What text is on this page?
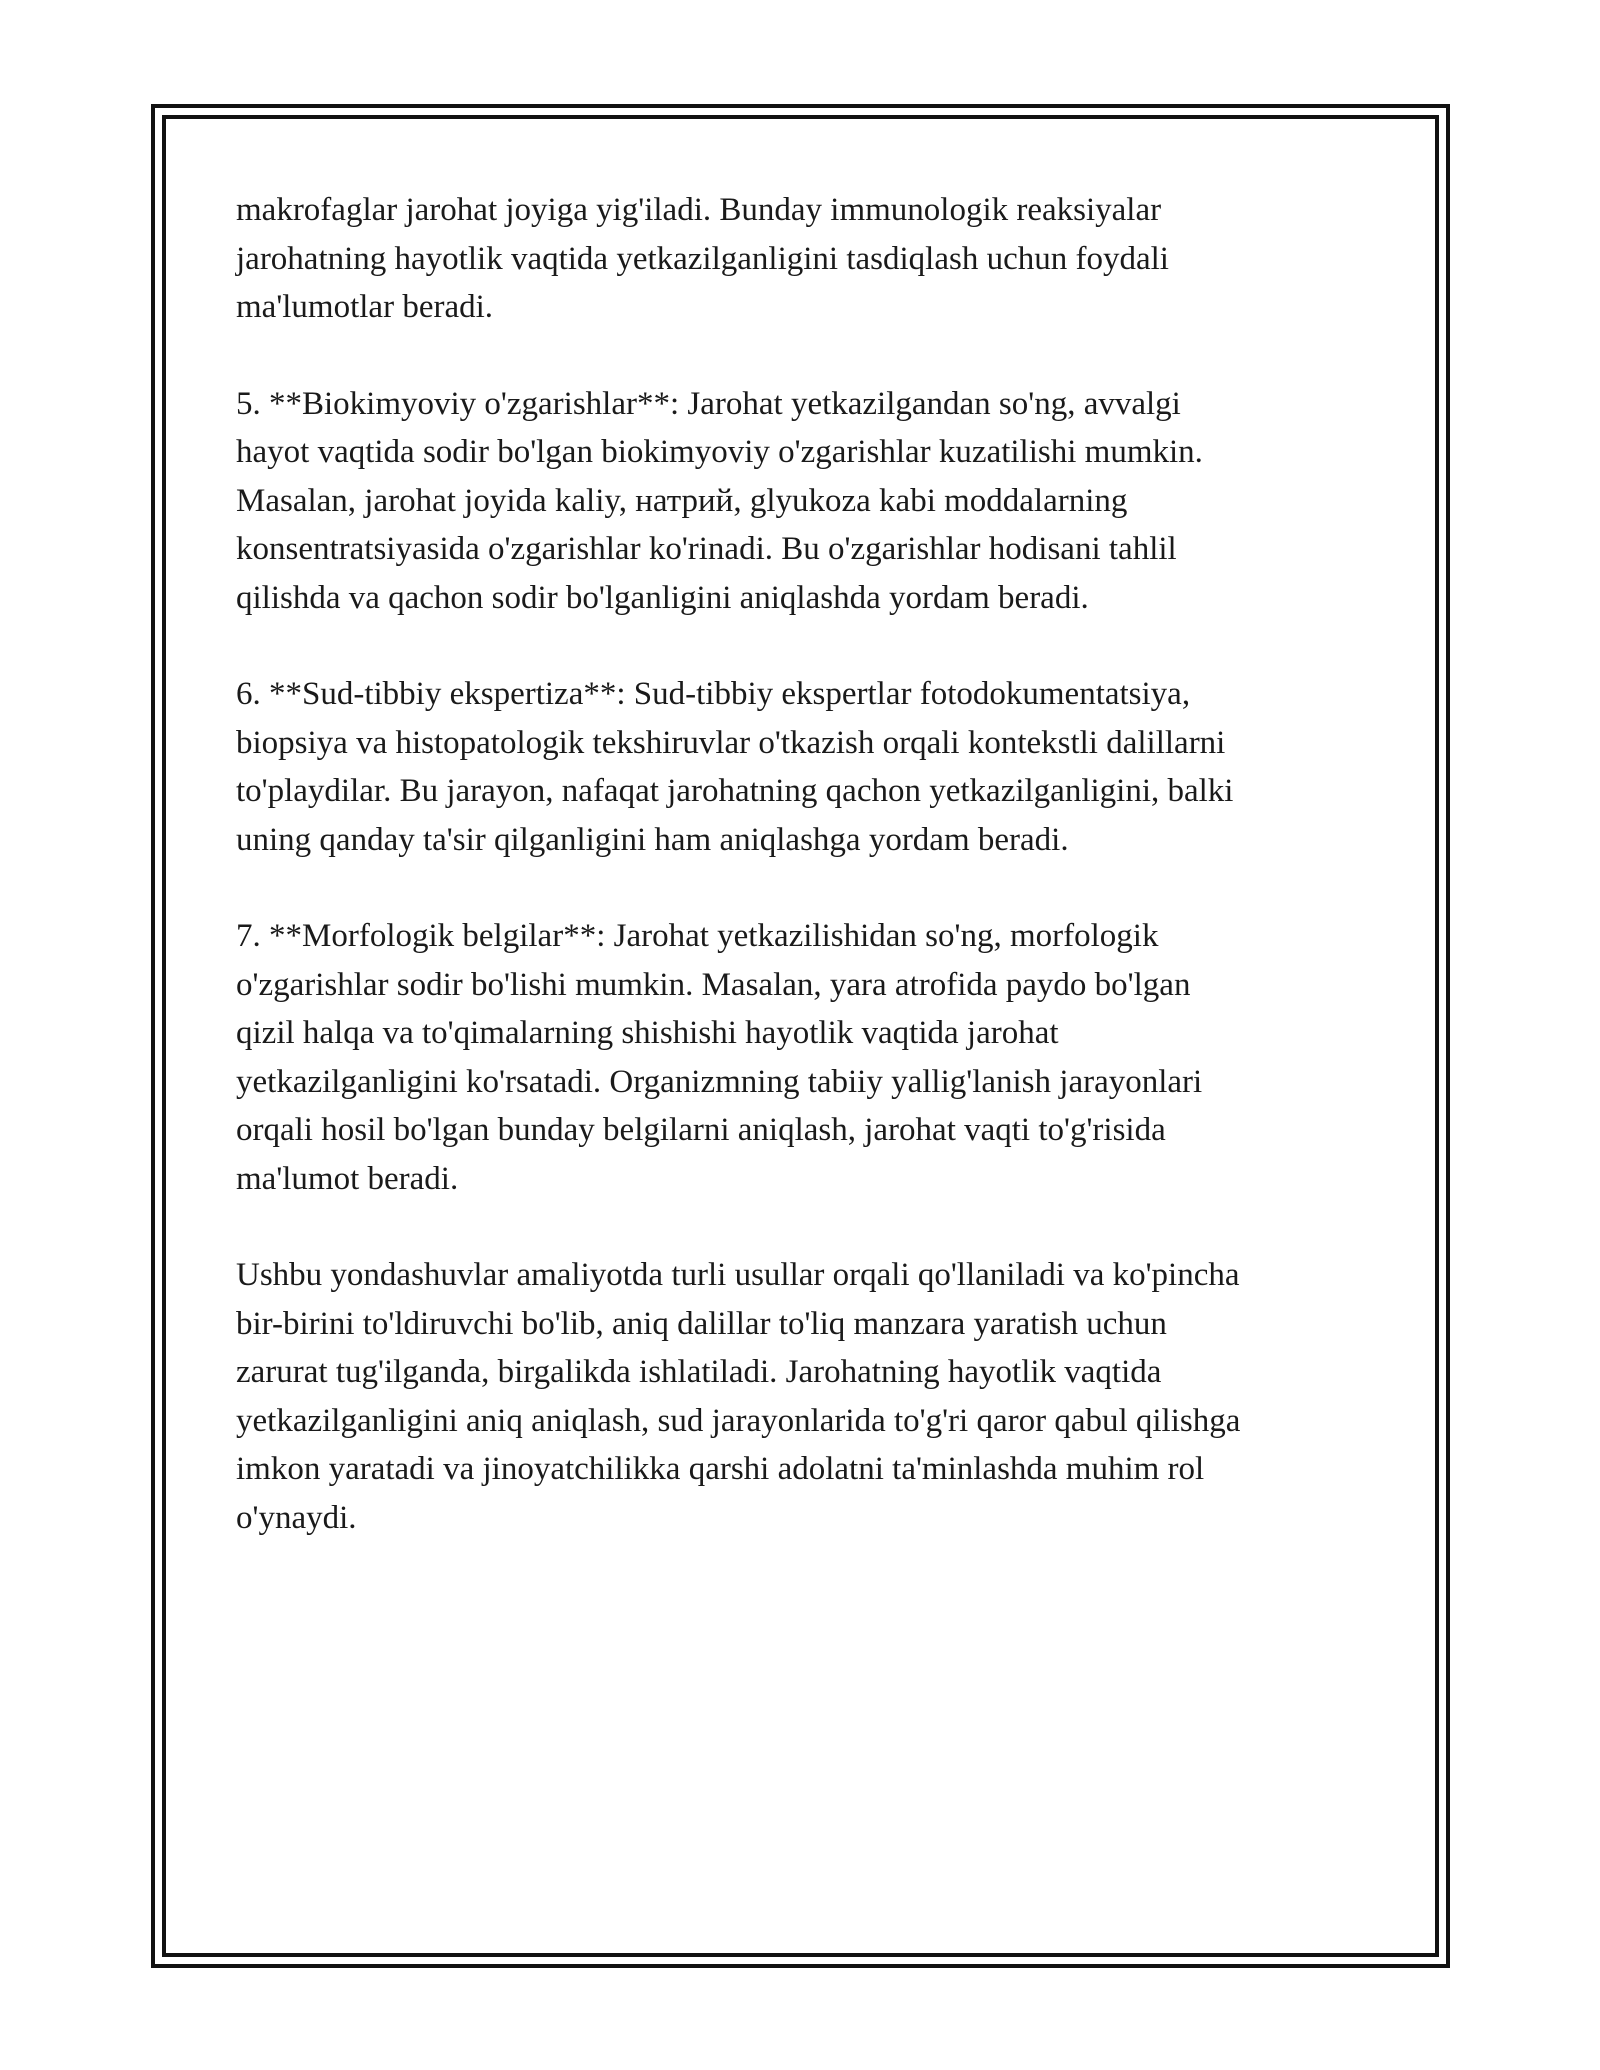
makrofaglar jarohat joyiga yig'iladi. Bunday immunologik reaksiyalar
jarohatning hayotlik vaqtida yetkazilganligini tasdiqlash uchun foydali
ma'lumotlar beradi.

5. **Biokimyoviy o'zgarishlar**: Jarohat yetkazilgandan so'ng, avvalgi
hayot vaqtida sodir bo'lgan biokimyoviy o'zgarishlar kuzatilishi mumkin.
Masalan, jarohat joyida kaliy, натрий, glyukoza kabi moddalarning
konsentratsiyasida o'zgarishlar ko'rinadi. Bu o'zgarishlar hodisani tahlil
qilishda va qachon sodir bo'lganligini aniqlashda yordam beradi.

6. **Sud-tibbiy ekspertiza**: Sud-tibbiy ekspertlar fotodokumentatsiya,
biopsiya va histopatologik tekshiruvlar o'tkazish orqali kontekstli dalillarni
to'playdilar. Bu jarayon, nafaqat jarohatning qachon yetkazilganligini, balki
uning qanday ta'sir qilganligini ham aniqlashga yordam beradi.

7. **Morfologik belgilar**: Jarohat yetkazilishidan so'ng, morfologik
o'zgarishlar sodir bo'lishi mumkin. Masalan, yara atrofida paydo bo'lgan
qizil halqa va to'qimalarning shishishi hayotlik vaqtida jarohat
yetkazilganligini ko'rsatadi. Organizmning tabiiy yallig'lanish jarayonlari
orqali hosil bo'lgan bunday belgilarni aniqlash, jarohat vaqti to'g'risida
ma'lumot beradi.

Ushbu yondashuvlar amaliyotda turli usullar orqali qo'llaniladi va ko'pincha
bir-birini to'ldiruvchi bo'lib, aniq dalillar to'liq manzara yaratish uchun
zarurat tug'ilganda, birgalikda ishlatiladi. Jarohatning hayotlik vaqtida
yetkazilganligini aniq aniqlash, sud jarayonlarida to'g'ri qaror qabul qilishga
imkon yaratadi va jinoyatchilikka qarshi adolatni ta'minlashda muhim rol
o'ynaydi.
